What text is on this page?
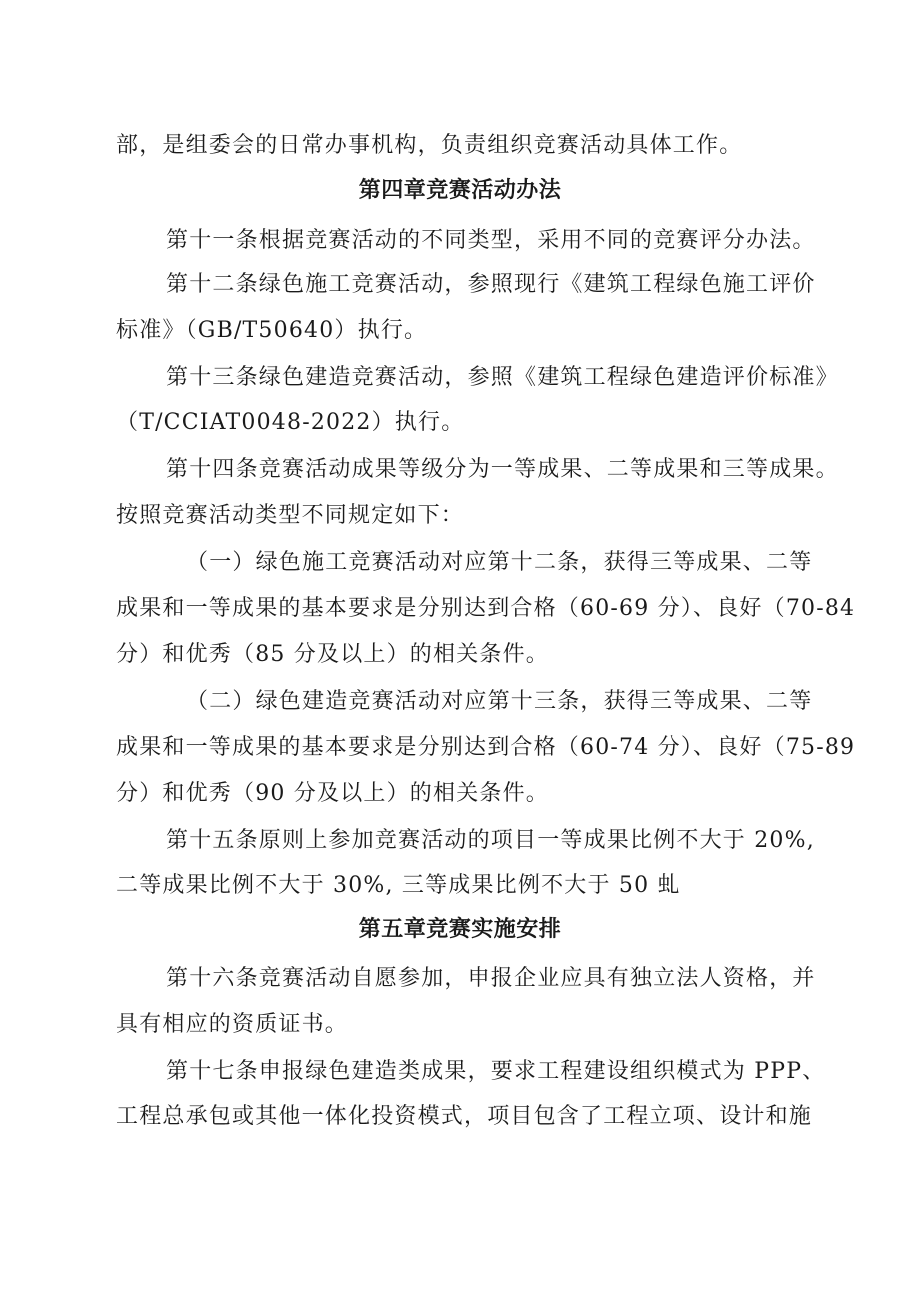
部，是组委会的日常办事机构，负责组织竞赛活动具体工作。
第四章竞赛活动办法
第十一条根据竞赛活动的不同类型，采用不同的竞赛评分办法。
第十二条绿色施工竞赛活动，参照现行《建筑工程绿色施工评价
标准》（GB/T50640）执行。
第十三条绿色建造竞赛活动，参照《建筑工程绿色建造评价标准》
（T/CCIAT0048-2022）执行。
第十四条竞赛活动成果等级分为一等成果、二等成果和三等成果。
按照竞赛活动类型不同规定如下：
（一）绿色施工竞赛活动对应第十二条，获得三等成果、二等
成果和一等成果的基本要求是分别达到合格（60-69 分）、良好（70-84
分）和优秀（85 分及以上）的相关条件。
（二）绿色建造竞赛活动对应第十三条，获得三等成果、二等
成果和一等成果的基本要求是分别达到合格（60-74 分）、良好（75-89
分）和优秀（90 分及以上）的相关条件。
第十五条原则上参加竞赛活动的项目一等成果比例不大于 20%,
二等成果比例不大于 30%, 三等成果比例不大于 50 虬
第五章竞赛实施安排
第十六条竞赛活动自愿参加，申报企业应具有独立法人资格，并
具有相应的资质证书。
第十七条申报绿色建造类成果，要求工程建设组织模式为 PPP、
工程总承包或其他一体化投资模式，项目包含了工程立项、设计和施
